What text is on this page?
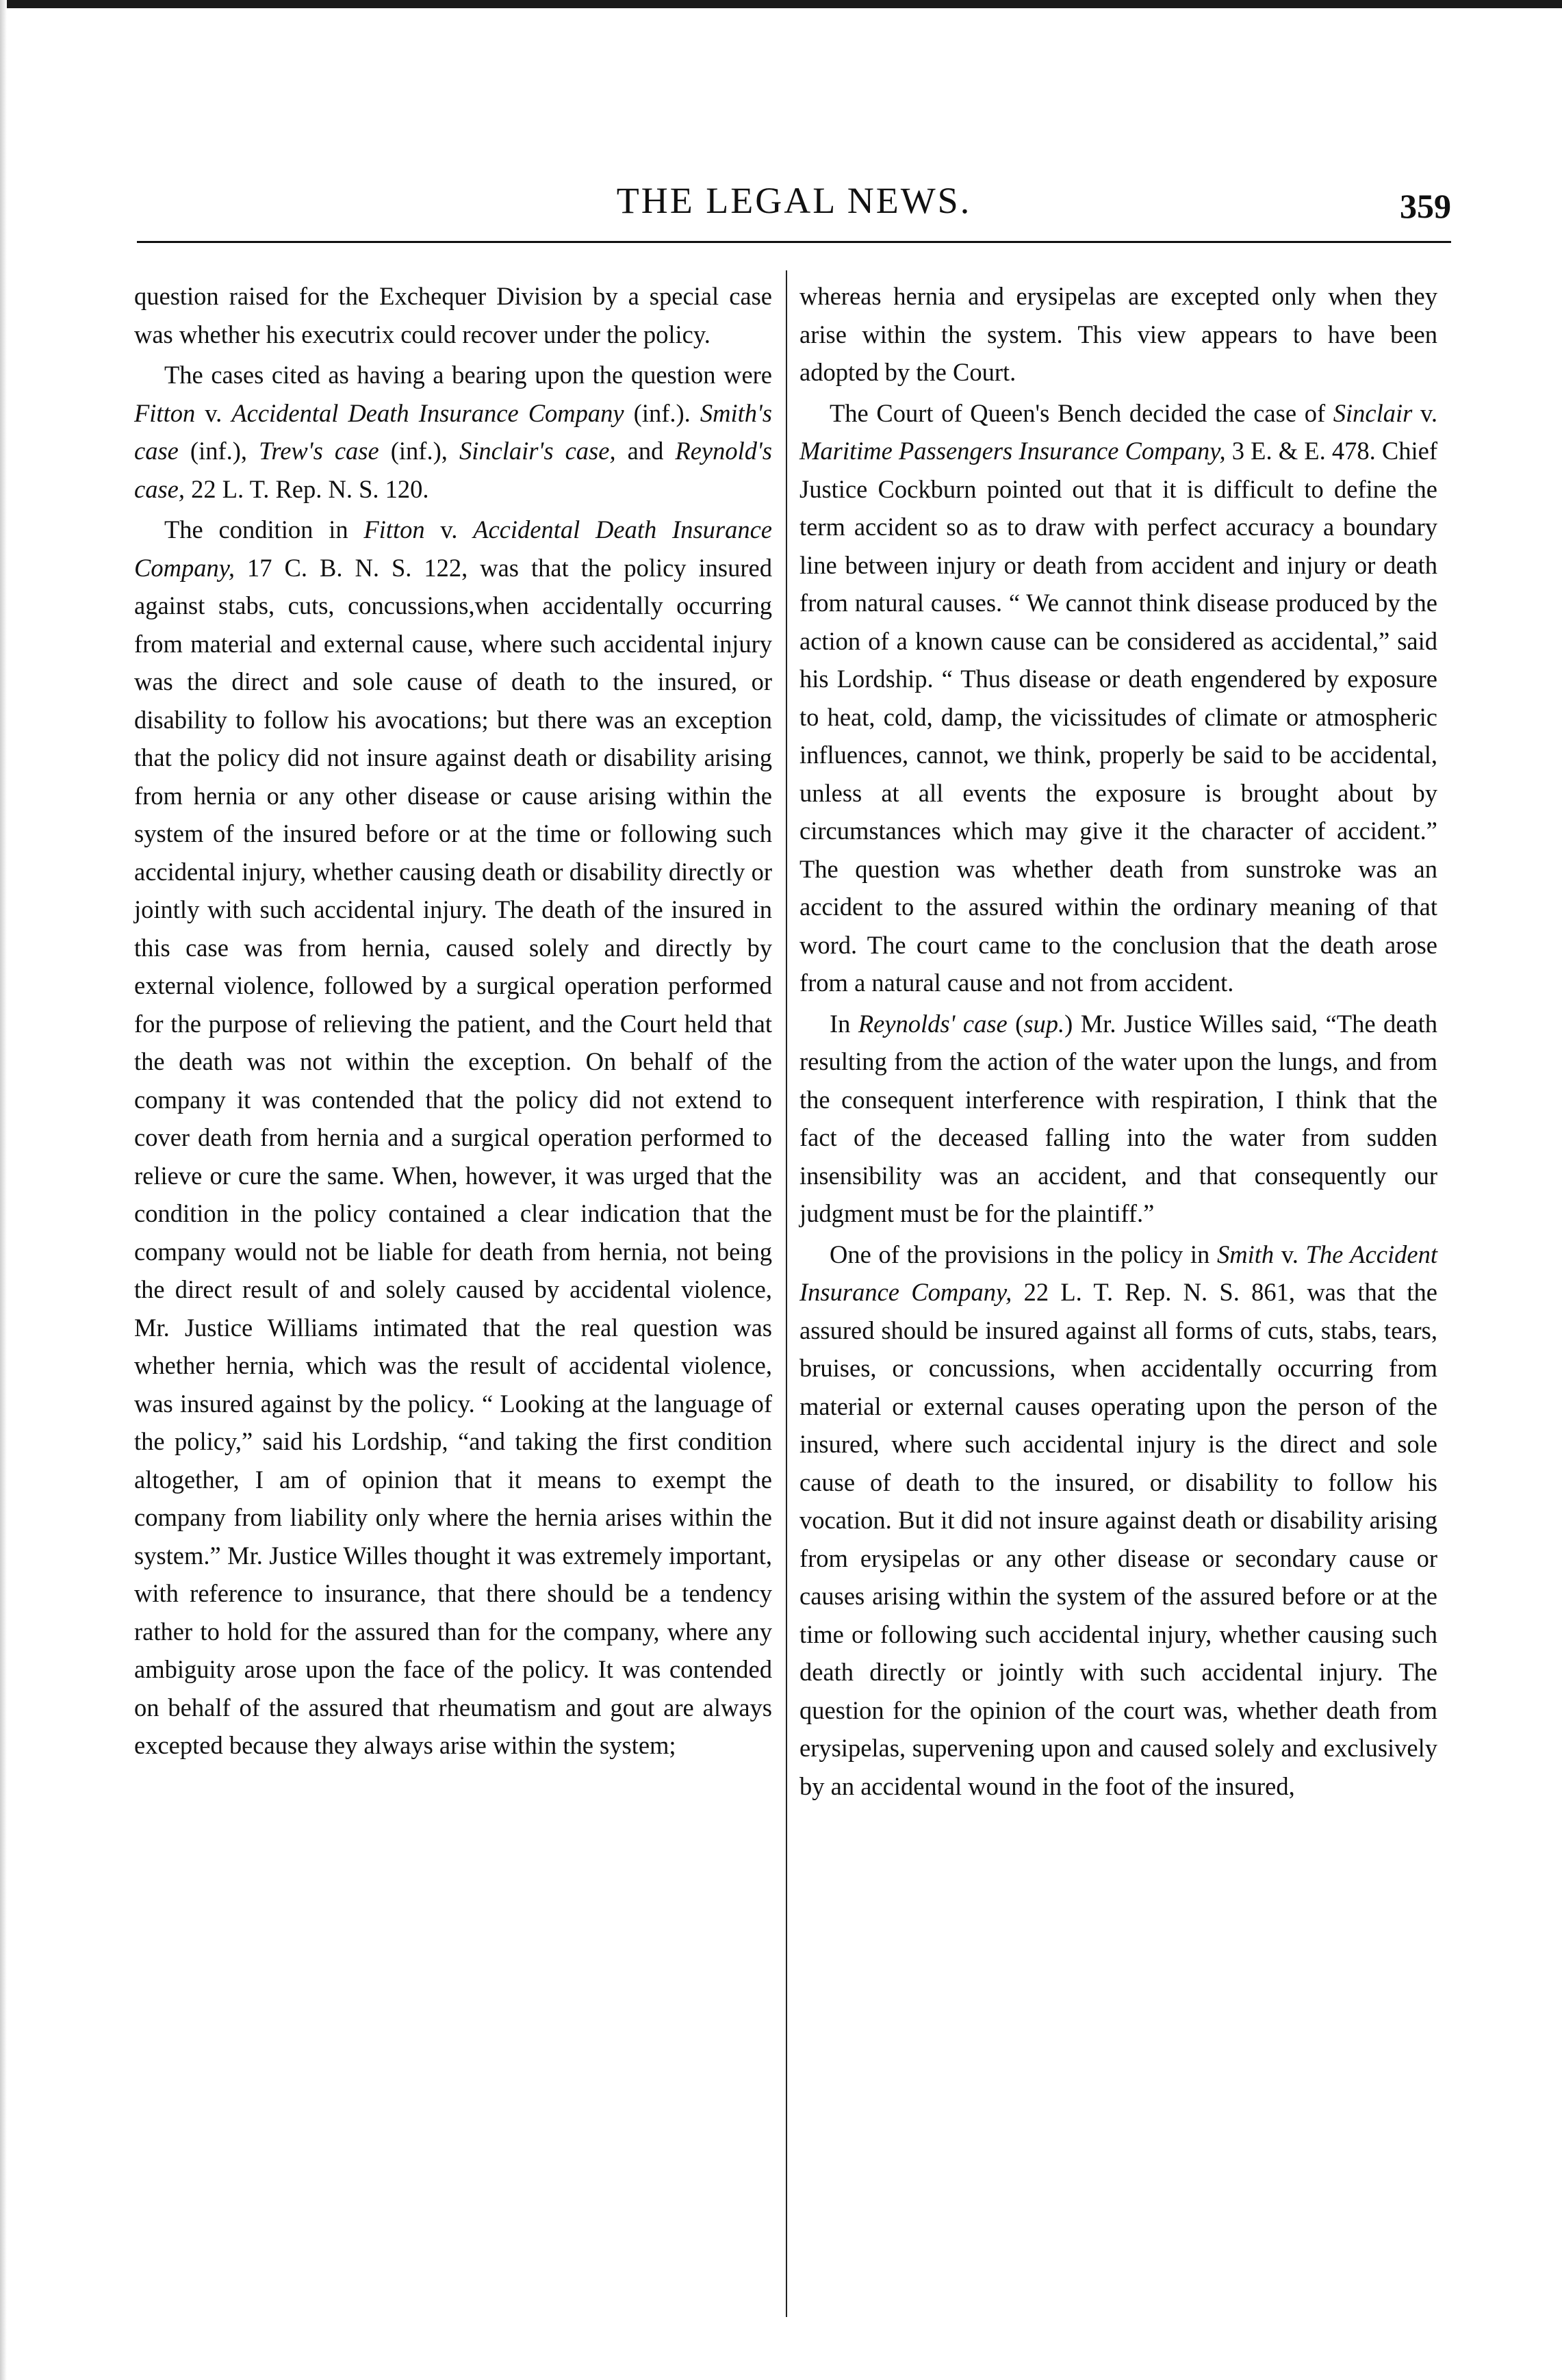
THE LEGAL NEWS.	359

question raised for the Exchequer Division by a special case was whether his executrix could recover under the policy.

The cases cited as having a bearing upon the question were Fitton v. Accidental Death Insurance Company (inf.). Smith's case (inf.), Trew's case (inf.), Sinclair's case, and Reynold's case, 22 L. T. Rep. N. S. 120.

The condition in Fitton v. Accidental Death Insurance Company, 17 C. B. N. S. 122, was that the policy insured against stabs, cuts, concussions,when accidentally occurring from material and external cause, where such accidental injury was the direct and sole cause of death to the insured, or disability to follow his avocations; but there was an exception that the policy did not insure against death or disability arising from hernia or any other disease or cause arising within the system of the insured before or at the time or following such accidental injury, whether causing death or disability directly or jointly with such accidental injury. The death of the insured in this case was from hernia, caused solely and directly by external violence, followed by a surgical operation performed for the purpose of relieving the patient, and the Court held that the death was not within the exception. On behalf of the company it was contended that the policy did not extend to cover death from hernia and a surgical operation performed to relieve or cure the same. When, however, it was urged that the condition in the policy contained a clear indication that the company would not be liable for death from hernia, not being the direct result of and solely caused by accidental violence, Mr. Justice Williams intimated that the real question was whether hernia, which was the result of accidental violence, was insured against by the policy. “ Looking at the language of the policy,” said his Lordship, “and taking the first condition altogether, I am of opinion that it means to exempt the company from liability only where the hernia arises within the system.” Mr. Justice Willes thought it was extremely important, with reference to insurance, that there should be a tendency rather to hold for the assured than for the company, where any ambiguity arose upon the face of the policy. It was contended on behalf of the assured that rheumatism and gout are always excepted because they always arise within the system;

whereas hernia and erysipelas are excepted only when they arise within the system. This view appears to have been adopted by the Court.

The Court of Queen's Bench decided the case of Sinclair v. Maritime Passengers Insurance Company, 3 E. & E. 478. Chief Justice Cockburn pointed out that it is difficult to define the term accident so as to draw with perfect accuracy a boundary line between injury or death from accident and injury or death from natural causes. “ We cannot think disease produced by the action of a known cause can be considered as accidental,” said his Lordship. “ Thus disease or death engendered by exposure to heat, cold, damp, the vicissitudes of climate or atmospheric influences, cannot, we think, properly be said to be accidental, unless at all events the exposure is brought about by circumstances which may give it the character of accident.” The question was whether death from sunstroke was an accident to the assured within the ordinary meaning of that word. The court came to the conclusion that the death arose from a natural cause and not from accident.

In Reynolds' case (sup.) Mr. Justice Willes said, “The death resulting from the action of the water upon the lungs, and from the consequent interference with respiration, I think that the fact of the deceased falling into the water from sudden insensibility was an accident, and that consequently our judgment must be for the plaintiff.”

One of the provisions in the policy in Smith v. The Accident Insurance Company, 22 L. T. Rep. N. S. 861, was that the assured should be insured against all forms of cuts, stabs, tears, bruises, or concussions, when accidentally occurring from material or external causes operating upon the person of the insured, where such accidental injury is the direct and sole cause of death to the insured, or disability to follow his vocation. But it did not insure against death or disability arising from erysipelas or any other disease or secondary cause or causes arising within the system of the assured before or at the time or following such accidental injury, whether causing such death directly or jointly with such accidental injury. The question for the opinion of the court was, whether death from erysipelas, supervening upon and caused solely and exclusively by an accidental wound in the foot of the insured,
